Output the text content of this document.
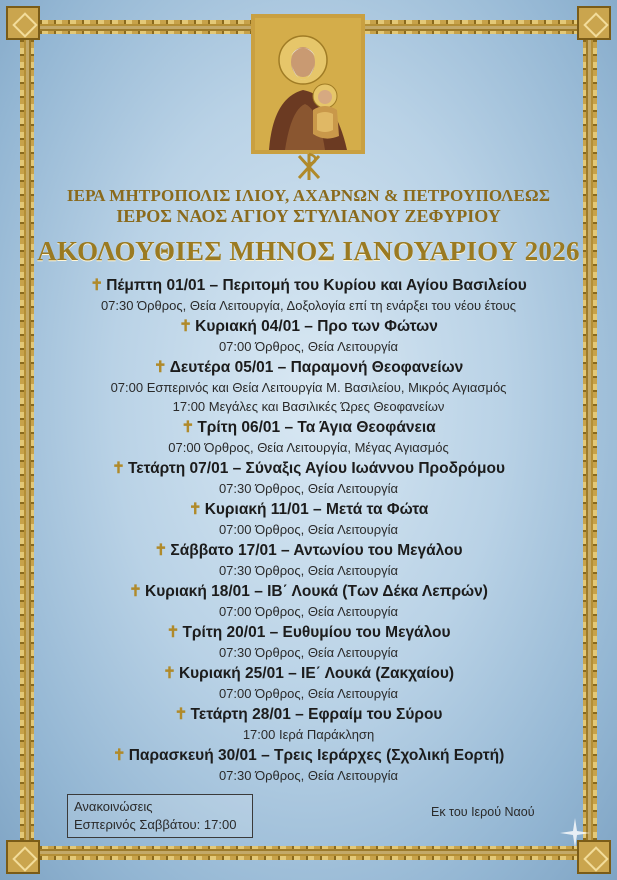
ΙΕΡΑ ΜΗΤΡΟΠΟΛΙΣ ΙΛΙΟΥ, ΑΧΑΡΝΩΝ & ΠΕΤΡΟΥΠΟΛΕΩΣ
ΙΕΡΟΣ ΝΑΟΣ ΑΓΙΟΥ ΣΤΥΛΙΑΝΟΥ ΖΕΦΥΡΙΟΥ
ΑΚΟΛΟΥΘΙΕΣ ΜΗΝΟΣ ΙΑΝΟΥΑΡΙΟΥ 2026
✝ Πέμπτη 01/01 – Περιτομή του Κυρίου και Αγίου Βασιλείου
07:30 Όρθρος, Θεία Λειτουργία, Δοξολογία επί τη ενάρξει του νέου έτους
✝ Κυριακή 04/01 – Προ των Φώτων
07:00 Όρθρος, Θεία Λειτουργία
✝ Δευτέρα 05/01 – Παραμονή Θεοφανείων
07:00 Εσπερινός και Θεία Λειτουργία Μ. Βασιλείου, Μικρός Αγιασμός
17:00 Μεγάλες και Βασιλικές Ώρες Θεοφανείων
✝ Τρίτη 06/01 – Τα Άγια Θεοφάνεια
07:00 Όρθρος, Θεία Λειτουργία, Μέγας Αγιασμός
✝ Τετάρτη 07/01 – Σύναξις Αγίου Ιωάννου Προδρόμου
07:30 Όρθρος, Θεία Λειτουργία
✝ Κυριακή 11/01 – Μετά τα Φώτα
07:00 Όρθρος, Θεία Λειτουργία
✝ Σάββατο 17/01 – Αντωνίου του Μεγάλου
07:30 Όρθρος, Θεία Λειτουργία
✝ Κυριακή 18/01 – ΙΒ΄ Λουκά (Των Δέκα Λεπρών)
07:00 Όρθρος, Θεία Λειτουργία
✝ Τρίτη 20/01 – Ευθυμίου του Μεγάλου
07:30 Όρθρος, Θεία Λειτουργία
✝ Κυριακή 25/01 – ΙΕ΄ Λουκά (Ζακχαίου)
07:00 Όρθρος, Θεία Λειτουργία
✝ Τετάρτη 28/01 – Εφραίμ του Σύρου
17:00 Ιερά Παράκληση
✝ Παρασκευή 30/01 – Τρεις Ιεράρχες (Σχολική Εορτή)
07:30 Όρθρος, Θεία Λειτουργία
Ανακοινώσεις
Εσπερινός Σαββάτου: 17:00
Εκ του Ιερού Ναού
